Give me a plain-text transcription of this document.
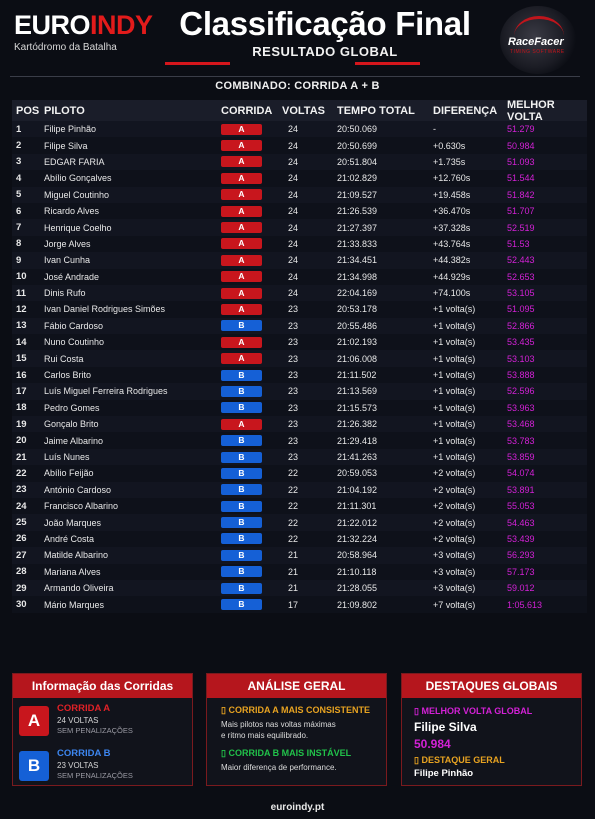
EUROINDY
Kartódromo da Batalha
Classificação Final
RESULTADO GLOBAL
RaceFacer
TIMING SOFTWARE
COMBINADO: CORRIDA A + B
POS PILOTO	CORRIDA VOLTAS	TEMPO TOTAL	DIFERENÇA MELHOR VOLTA
1	Filipe Pinhão	A	24	20:50.069	-	51.279
2	Filipe Silva	A	24	20:50.699	+0.630s	50.984
3	EDGAR FARIA	A	24	20:51.804	+1.735s	51.093
4	Abílio Gonçalves	A	24	21:02.829	+12.760s	51.544
5	Miguel Coutinho	A	24	21:09.527	+19.458s	51.842
6	Ricardo Alves	A	24	21:26.539	+36.470s	51.707
7	Henrique Coelho	A	24	21:27.397	+37.328s	52.519
8	Jorge Alves	A	24	21:33.833	+43.764s	51.53
9	Ivan Cunha	A	24	21:34.451	+44.382s	52.443
10	José Andrade	A	24	21:34.998	+44.929s	52.653
11	Dinis Rufo	A	24	22:04.169	+74.100s	53.105
12	Ivan Daniel Rodrigues Simões	A	23	20:53.178	+1 volta(s)	51.095
13	Fábio Cardoso	B	23	20:55.486	+1 volta(s)	52.866
14	Nuno Coutinho	A	23	21:02.193	+1 volta(s)	53.435
15	Rui Costa	A	23	21:06.008	+1 volta(s)	53.103
16	Carlos Brito	B	23	21:11.502	+1 volta(s)	53.888
17	Luís Miguel Ferreira Rodrigues	B	23	21:13.569	+1 volta(s)	52.596
18	Pedro Gomes	B	23	21:15.573	+1 volta(s)	53.963
19	Gonçalo Brito	A	23	21:26.382	+1 volta(s)	53.468
20	Jaime Albarino	B	23	21:29.418	+1 volta(s)	53.783
21	Luís Nunes	B	23	21:41.263	+1 volta(s)	53.859
22	Abílio Feijão	B	22	20:59.053	+2 volta(s)	54.074
23	António Cardoso	B	22	21:04.192	+2 volta(s)	53.891
24	Francisco Albarino	B	22	21:11.301	+2 volta(s)	55.053
25	João Marques	B	22	21:22.012	+2 volta(s)	54.463
26	André Costa	B	22	21:32.224	+2 volta(s)	53.439
27	Matilde Albarino	B	21	20:58.964	+3 volta(s)	56.293
28	Mariana Alves	B	21	21:10.118	+3 volta(s)	57.173
29	Armando Oliveira	B	21	21:28.055	+3 volta(s)	59.012
30	Mário Marques	B	17	21:09.802	+7 volta(s)	1:05.613
Informação das Corridas
A
CORRIDA A
24 VOLTAS
SEM PENALIZAÇÕES
B
CORRIDA B
23 VOLTAS
SEM PENALIZAÇÕES
ANÁLISE GERAL
▯ CORRIDA A MAIS CONSISTENTE
Mais pilotos nas voltas máximas
e ritmo mais equilibrado.
▯ CORRIDA B MAIS INSTÁVEL
Maior diferença de performance.
DESTAQUES GLOBAIS
▯ MELHOR VOLTA GLOBAL
Filipe Silva
50.984
▯ DESTAQUE GERAL
Filipe Pinhão
euroindy.pt
